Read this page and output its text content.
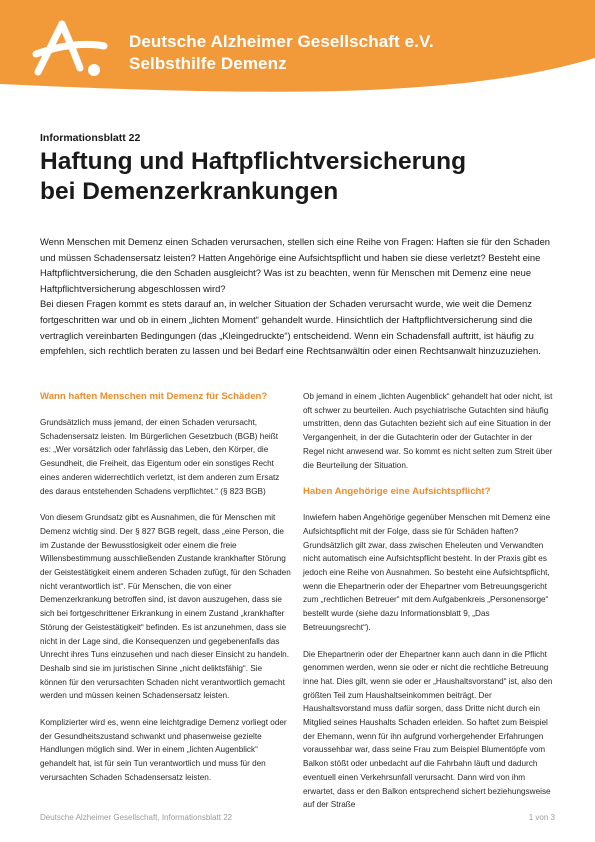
Deutsche Alzheimer Gesellschaft e.V.
Selbsthilfe Demenz
Informationsblatt 22
Haftung und Haftpflichtversicherung
bei Demenzerkrankungen

Wenn Menschen mit Demenz einen Schaden verursachen, stellen sich eine Reihe von Fragen: Haften sie für den Schaden und müssen Schadensersatz leisten? Hatten Angehörige eine Aufsichtspflicht und haben sie diese verletzt? Besteht eine Haftpflichtversicherung, die den Schaden ausgleicht? Was ist zu beachten, wenn für Menschen mit Demenz eine neue Haftpflichtversicherung abgeschlossen wird?

Bei diesen Fragen kommt es stets darauf an, in welcher Situation der Schaden verursacht wurde, wie weit die Demenz fortgeschritten war und ob in einem „lichten Moment“ gehandelt wurde. Hinsichtlich der Haftpflichtversicherung sind die vertraglich vereinbarten Bedingungen (das „Kleingedruckte“) entscheidend. Wenn ein Schadensfall auftritt, ist häufig zu empfehlen, sich rechtlich beraten zu lassen und bei Bedarf eine Rechtsanwältin oder einen Rechtsanwalt hinzuzuziehen.

Wann haften Menschen mit Demenz für Schäden?

Grundsätzlich muss jemand, der einen Schaden verursacht, Schadensersatz leisten. Im Bürgerlichen Gesetzbuch (BGB) heißt es: „Wer vorsätzlich oder fahrlässig das Leben, den Körper, die Gesundheit, die Freiheit, das Eigentum oder ein sonstiges Recht eines anderen widerrechtlich verletzt, ist dem anderen zum Ersatz des daraus entstehenden Schadens verpflichtet.“ (§ 823 BGB)

Von diesem Grundsatz gibt es Ausnahmen, die für Menschen mit Demenz wichtig sind. Der § 827 BGB regelt, dass „eine Person, die im Zustande der Bewusstlosigkeit oder einem die freie Willensbestimmung ausschließenden Zustande krankhafter Störung der Geistestätigkeit einem anderen Schaden zufügt, für den Schaden nicht verantwortlich ist“. Für Menschen, die von einer Demenzerkrankung betroffen sind, ist davon auszugehen, dass sie sich bei fortgeschrittener Erkrankung in einem Zustand „krankhafter Störung der Geistestätigkeit“ befinden. Es ist anzunehmen, dass sie nicht in der Lage sind, die Konsequenzen und gegebenenfalls das Unrecht ihres Tuns einzusehen und nach dieser Einsicht zu handeln. Deshalb sind sie im juristischen Sinne „nicht deliktsfähig“. Sie können für den verursachten Schaden nicht verantwortlich gemacht werden und müssen keinen Schadensersatz leisten.

Komplizierter wird es, wenn eine leichtgradige Demenz vorliegt oder der Gesundheitszustand schwankt und phasenweise gezielte Handlungen möglich sind. Wer in einem „lichten Augenblick“ gehandelt hat, ist für sein Tun verantwortlich und muss für den verursachten Schaden Schadensersatz leisten.

Ob jemand in einem „lichten Augenblick“ gehandelt hat oder nicht, ist oft schwer zu beurteilen. Auch psychiatrische Gutachten sind häufig umstritten, denn das Gutachten bezieht sich auf eine Situation in der Vergangenheit, in der die Gutachterin oder der Gutachter in der Regel nicht anwesend war. So kommt es nicht selten zum Streit über die Beurteilung der Situation.

Haben Angehörige eine Aufsichtspflicht?

Inwiefern haben Angehörige gegenüber Menschen mit Demenz eine Aufsichtspflicht mit der Folge, dass sie für Schäden haften? Grundsätzlich gilt zwar, dass zwischen Eheleuten und Verwandten nicht automatisch eine Aufsichtspflicht besteht. In der Praxis gibt es jedoch eine Reihe von Ausnahmen. So besteht eine Aufsichtspflicht, wenn die Ehepartnerin oder der Ehepartner vom Betreuungsgericht zum „rechtlichen Betreuer“ mit dem Aufgabenkreis „Personensorge“ bestellt wurde (siehe dazu Informationsblatt 9, „Das Betreuungsrecht“).

Die Ehepartnerin oder der Ehepartner kann auch dann in die Pflicht genommen werden, wenn sie oder er nicht die rechtliche Betreuung inne hat. Dies gilt, wenn sie oder er „Haushaltsvorstand“ ist, also den größten Teil zum Haushaltseinkommen beiträgt. Der Haushaltsvorstand muss dafür sorgen, dass Dritte nicht durch ein Mitglied seines Haushalts Schaden erleiden. So haftet zum Beispiel der Ehemann, wenn für ihn aufgrund vorhergehender Erfahrungen voraussehbar war, dass seine Frau zum Beispiel Blumentöpfe vom Balkon stößt oder unbedacht auf die Fahrbahn läuft und dadurch eventuell einen Verkehrsunfall verursacht. Dann wird von ihm erwartet, dass er den Balkon entsprechend sichert beziehungsweise auf der Straße

Deutsche Alzheimer Gesellschaft, Informationsblatt 22	1 von 3
